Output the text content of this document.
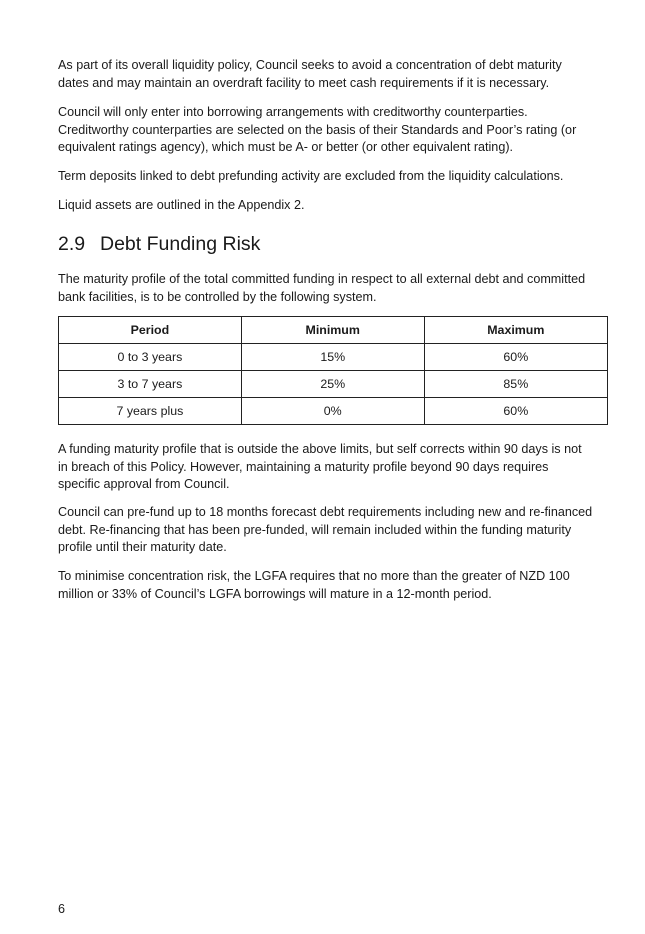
As part of its overall liquidity policy, Council seeks to avoid a concentration of debt maturity dates and may maintain an overdraft facility to meet cash requirements if it is necessary.

Council will only enter into borrowing arrangements with creditworthy counterparties. Creditworthy counterparties are selected on the basis of their Standards and Poor’s rating (or equivalent ratings agency), which must be A- or better (or other equivalent rating).

Term deposits linked to debt prefunding activity are excluded from the liquidity calculations.

Liquid assets are outlined in the Appendix 2.

2.9 Debt Funding Risk

The maturity profile of the total committed funding in respect to all external debt and committed bank facilities, is to be controlled by the following system.

Period	Minimum	Maximum
0 to 3 years	15%	60%
3 to 7 years	25%	85%
7 years plus	0%	60%

A funding maturity profile that is outside the above limits, but self corrects within 90 days is not in breach of this Policy. However, maintaining a maturity profile beyond 90 days requires specific approval from Council.

Council can pre-fund up to 18 months forecast debt requirements including new and re-financed debt. Re-financing that has been pre-funded, will remain included within the funding maturity profile until their maturity date.

To minimise concentration risk, the LGFA requires that no more than the greater of NZD 100 million or 33% of Council’s LGFA borrowings will mature in a 12-month period.

6
